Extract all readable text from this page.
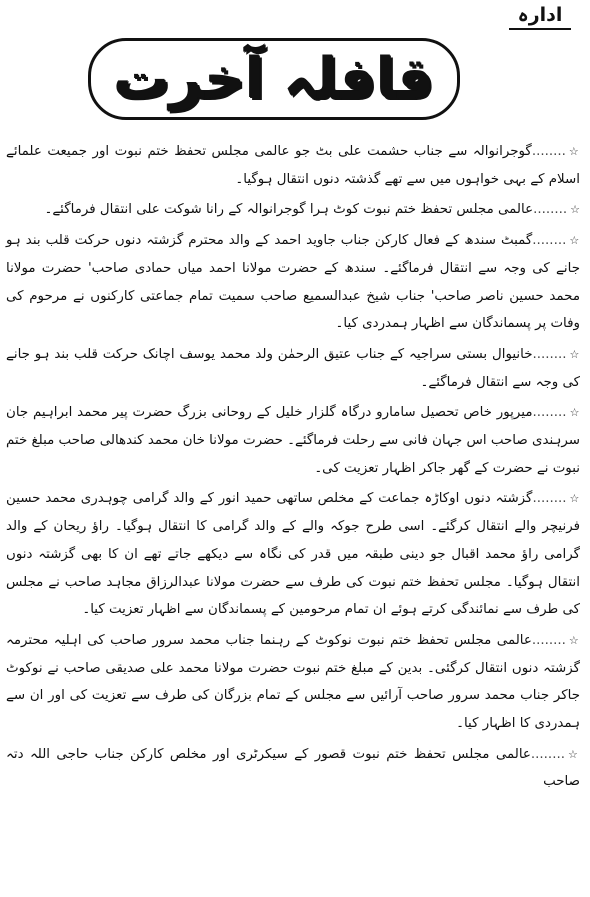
ادارہ
قافلہ آخرت

☆........گوجرانوالہ سے جناب حشمت علی بٹ جو عالمی مجلس تحفظ ختم نبوت اور جمیعت علمائے اسلام کے بہی خواہوں میں سے تھے گذشتہ دنوں انتقال ہوگیا۔

☆........عالمی مجلس تحفظ ختم نبوت کوٹ ہرا گوجرانوالہ کے رانا شوکت علی انتقال فرماگئے۔

☆........گمبٹ سندھ کے فعال کارکن جناب جاوید احمد کے والد محترم گزشتہ دنوں حرکت قلب بند ہو جانے کی وجہ سے انتقال فرماگئے۔ سندھ کے حضرت مولانا احمد میاں حمادی صاحب' حضرت مولانا محمد حسین ناصر صاحب' جناب شیخ عبدالسمیع صاحب سمیت تمام جماعتی کارکنوں نے مرحوم کی وفات پر پسماندگان سے اظہار ہمدردی کیا۔

☆........خانیوال بستی سراجیہ کے جناب عتیق الرحمٰن ولد محمد یوسف اچانک حرکت قلب بند ہو جانے کی وجہ سے انتقال فرماگئے۔

☆........میرپور خاص تحصیل سامارو درگاہ گلزار خلیل کے روحانی بزرگ حضرت پیر محمد ابراہیم جان سرہندی صاحب اس جہان فانی سے رحلت فرماگئے۔ حضرت مولانا خان محمد کندھالی صاحب مبلغ ختم نبوت نے حضرت کے گھر جاکر اظہار تعزیت کی۔

☆........گزشتہ دنوں اوکاڑہ جماعت کے مخلص ساتھی حمید انور کے والد گرامی چوہدری محمد حسین فرنیچر والے انتقال کرگئے۔ اسی طرح جوکہ والے کے والد گرامی کا انتقال ہوگیا۔ راؤ ریحان کے والد گرامی راؤ محمد اقبال جو دینی طبقہ میں قدر کی نگاہ سے دیکھے جاتے تھے ان کا بھی گزشتہ دنوں انتقال ہوگیا۔ مجلس تحفظ ختم نبوت کی طرف سے حضرت مولانا عبدالرزاق مجاہد صاحب نے مجلس کی طرف سے نمائندگی کرتے ہوئے ان تمام مرحومین کے پسماندگان سے اظہار تعزیت کیا۔

☆........عالمی مجلس تحفظ ختم نبوت نوکوٹ کے رہنما جناب محمد سرور صاحب کی اہلیہ محترمہ گزشتہ دنوں انتقال کرگئی۔ بدین کے مبلغ ختم نبوت حضرت مولانا محمد علی صدیقی صاحب نے نوکوٹ جاکر جناب محمد سرور صاحب آرائیں سے مجلس کے تمام بزرگان کی طرف سے تعزیت کی اور ان سے ہمدردی کا اظہار کیا۔

☆........عالمی مجلس تحفظ ختم نبوت قصور کے سیکرٹری اور مخلص کارکن جناب حاجی اللہ دتہ صاحب
